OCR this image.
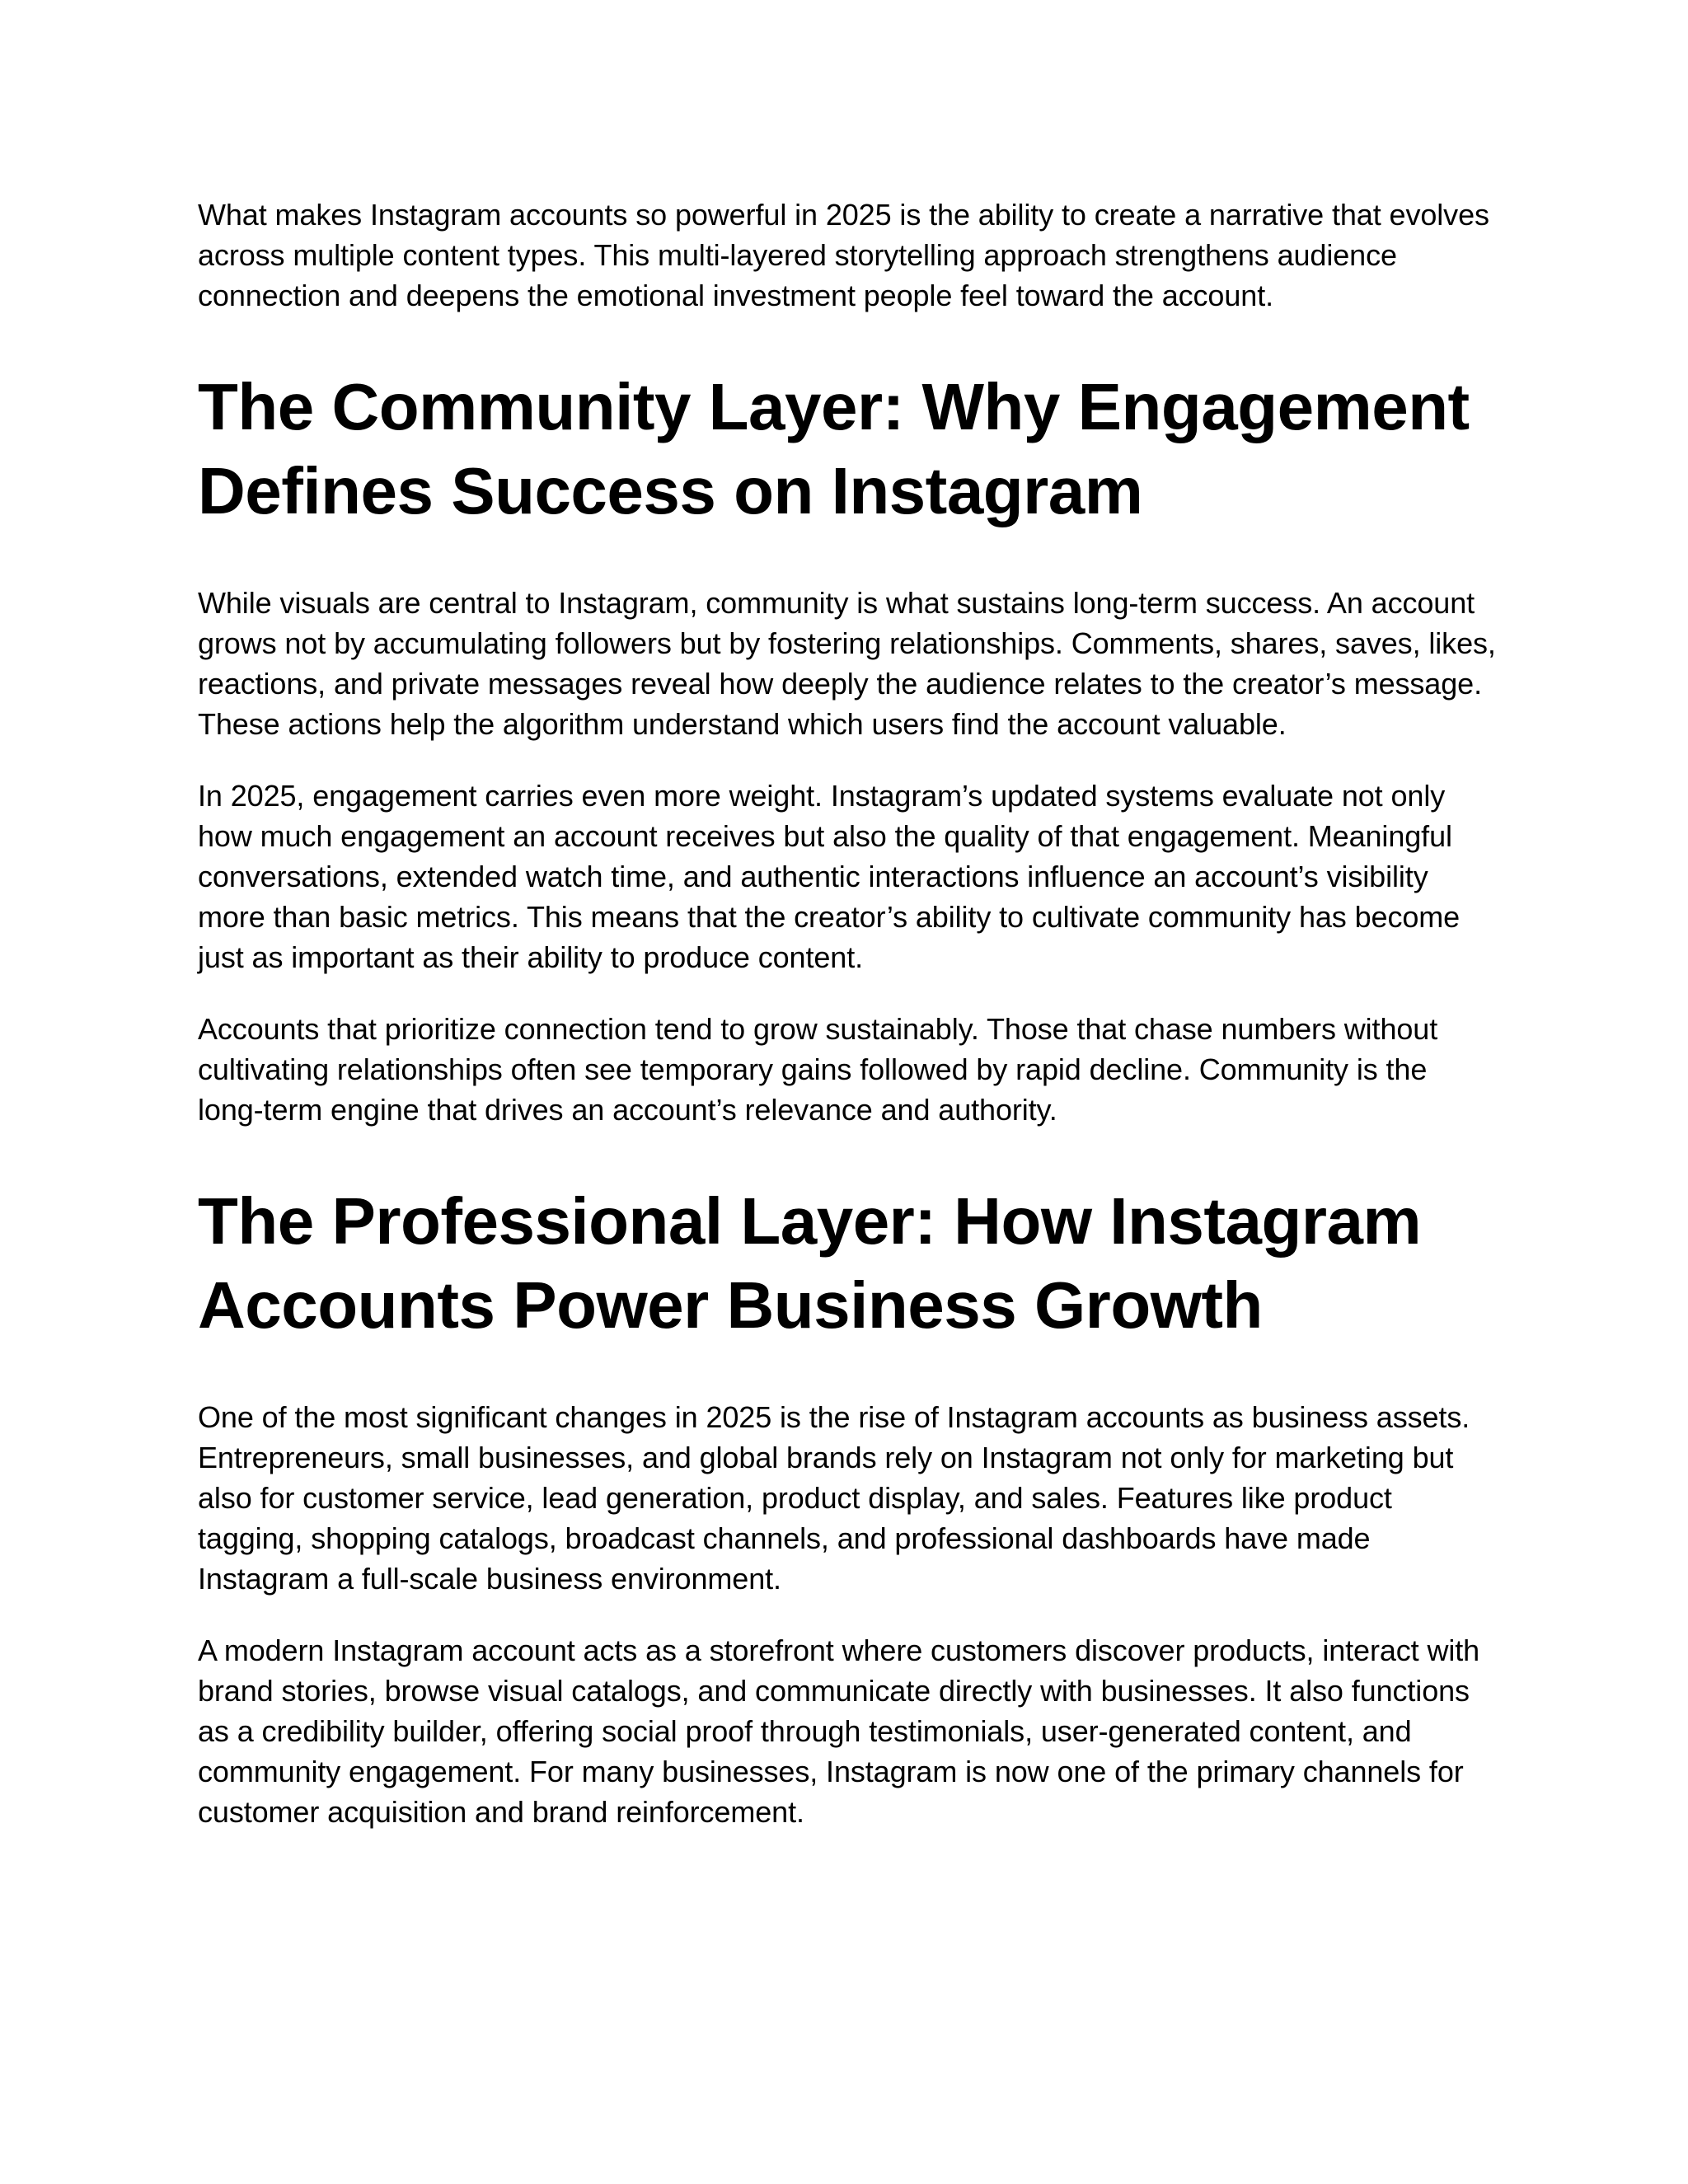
What makes Instagram accounts so powerful in 2025 is the ability to create a narrative that evolves across multiple content types. This multi-layered storytelling approach strengthens audience connection and deepens the emotional investment people feel toward the account.

The Community Layer: Why Engagement Defines Success on Instagram

While visuals are central to Instagram, community is what sustains long-term success. An account grows not by accumulating followers but by fostering relationships. Comments, shares, saves, likes, reactions, and private messages reveal how deeply the audience relates to the creator’s message. These actions help the algorithm understand which users find the account valuable.

In 2025, engagement carries even more weight. Instagram’s updated systems evaluate not only how much engagement an account receives but also the quality of that engagement. Meaningful conversations, extended watch time, and authentic interactions influence an account’s visibility more than basic metrics. This means that the creator’s ability to cultivate community has become just as important as their ability to produce content.

Accounts that prioritize connection tend to grow sustainably. Those that chase numbers without cultivating relationships often see temporary gains followed by rapid decline. Community is the long-term engine that drives an account’s relevance and authority.

The Professional Layer: How Instagram Accounts Power Business Growth

One of the most significant changes in 2025 is the rise of Instagram accounts as business assets. Entrepreneurs, small businesses, and global brands rely on Instagram not only for marketing but also for customer service, lead generation, product display, and sales. Features like product tagging, shopping catalogs, broadcast channels, and professional dashboards have made Instagram a full-scale business environment.

A modern Instagram account acts as a storefront where customers discover products, interact with brand stories, browse visual catalogs, and communicate directly with businesses. It also functions as a credibility builder, offering social proof through testimonials, user-generated content, and community engagement. For many businesses, Instagram is now one of the primary channels for customer acquisition and brand reinforcement.
